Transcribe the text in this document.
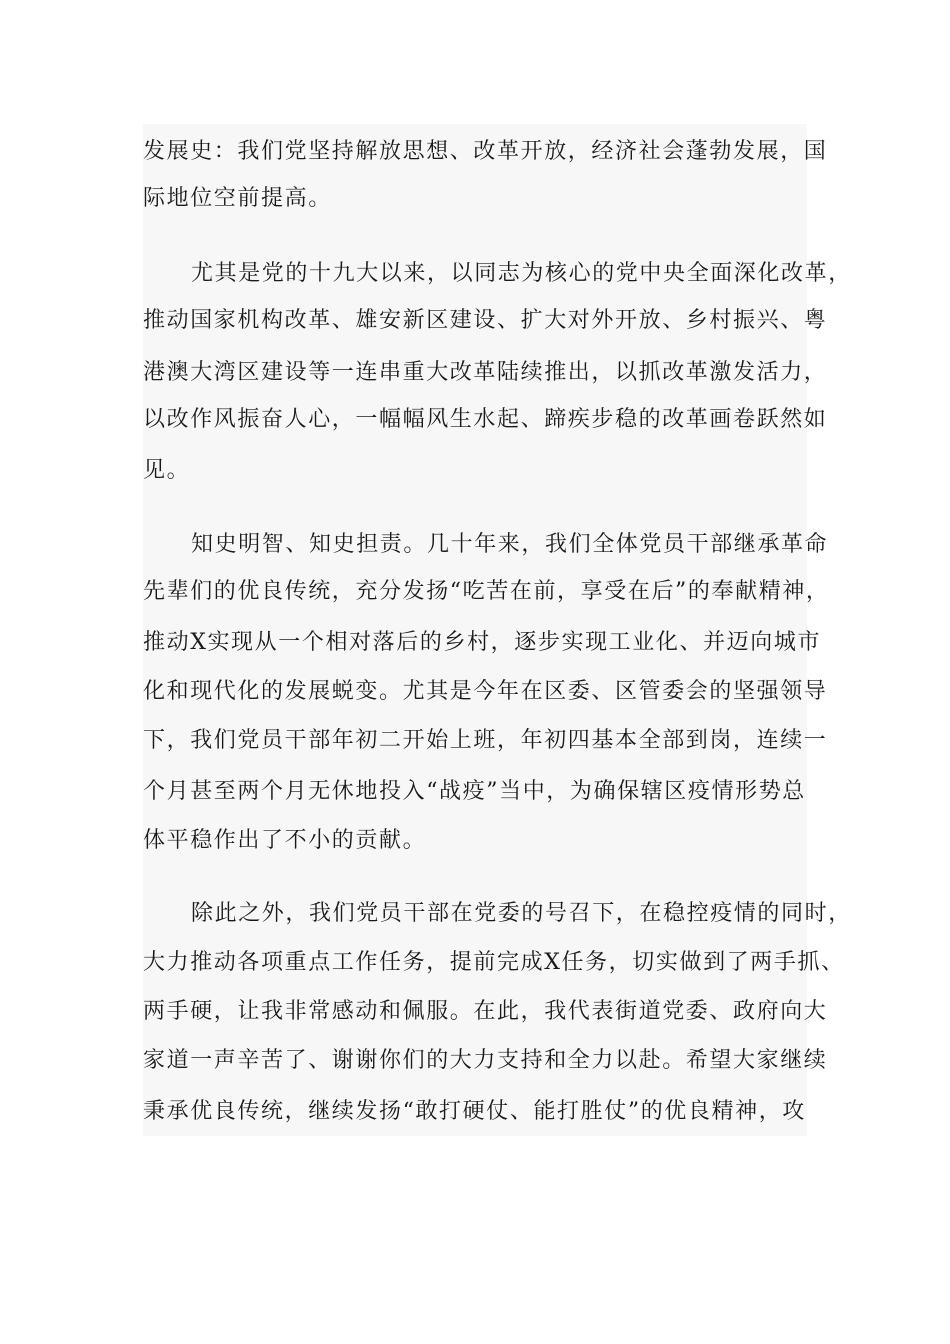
发展史：我们党坚持解放思想、改革开放，经济社会蓬勃发展，国
际地位空前提高。
尤其是党的十九大以来，以同志为核心的党中央全面深化改革，
推动国家机构改革、雄安新区建设、扩大对外开放、乡村振兴、粤
港澳大湾区建设等一连串重大改革陆续推出，以抓改革激发活力，
以改作风振奋人心，一幅幅风生水起、蹄疾步稳的改革画卷跃然如
见。
知史明智、知史担责。几十年来，我们全体党员干部继承革命
先辈们的优良传统，充分发扬“吃苦在前，享受在后”的奉献精神，
推动X实现从一个相对落后的乡村，逐步实现工业化、并迈向城市
化和现代化的发展蜕变。尤其是今年在区委、区管委会的坚强领导
下，我们党员干部年初二开始上班，年初四基本全部到岗，连续一
个月甚至两个月无休地投入“战疫”当中，为确保辖区疫情形势总
体平稳作出了不小的贡献。
除此之外，我们党员干部在党委的号召下，在稳控疫情的同时，
大力推动各项重点工作任务，提前完成X任务，切实做到了两手抓、
两手硬，让我非常感动和佩服。在此，我代表街道党委、政府向大
家道一声辛苦了、谢谢你们的大力支持和全力以赴。希望大家继续
秉承优良传统，继续发扬“敢打硬仗、能打胜仗”的优良精神，攻
